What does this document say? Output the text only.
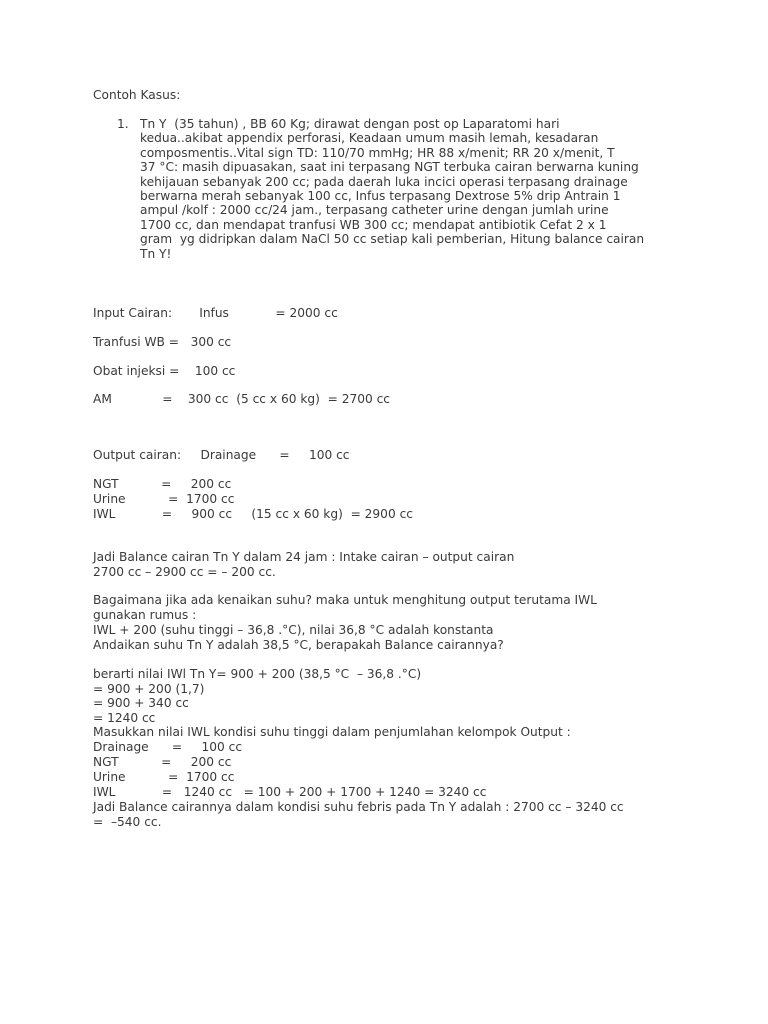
Contoh Kasus:
1. Tn Y  (35 tahun) , BB 60 Kg; dirawat dengan post op Laparatomi hari
kedua..akibat appendix perforasi, Keadaan umum masih lemah, kesadaran
composmentis..Vital sign TD: 110/70 mmHg; HR 88 x/menit; RR 20 x/menit, T
37 °C: masih dipuasakan, saat ini terpasang NGT terbuka cairan berwarna kuning
kehijauan sebanyak 200 cc; pada daerah luka incici operasi terpasang drainage
berwarna merah sebanyak 100 cc, Infus terpasang Dextrose 5% drip Antrain 1
ampul /kolf : 2000 cc/24 jam., terpasang catheter urine dengan jumlah urine
1700 cc, dan mendapat tranfusi WB 300 cc; mendapat antibiotik Cefat 2 x 1
gram  yg didripkan dalam NaCl 50 cc setiap kali pemberian, Hitung balance cairan
Tn Y!
Input Cairan:       Infus            = 2000 cc
Tranfusi WB =   300 cc
Obat injeksi =    100 cc
AM             =    300 cc  (5 cc x 60 kg)  = 2700 cc
Output cairan:     Drainage      =     100 cc
NGT           =     200 cc
Urine           =  1700 cc
IWL            =     900 cc     (15 cc x 60 kg)  = 2900 cc
Jadi Balance cairan Tn Y dalam 24 jam : Intake cairan – output cairan
2700 cc – 2900 cc = – 200 cc.
Bagaimana jika ada kenaikan suhu? maka untuk menghitung output terutama IWL
gunakan rumus :
IWL + 200 (suhu tinggi – 36,8 .°C), nilai 36,8 °C adalah konstanta
Andaikan suhu Tn Y adalah 38,5 °C, berapakah Balance cairannya?
berarti nilai IWl Tn Y= 900 + 200 (38,5 °C  – 36,8 .°C)
= 900 + 200 (1,7)
= 900 + 340 cc
= 1240 cc
Masukkan nilai IWL kondisi suhu tinggi dalam penjumlahan kelompok Output :
Drainage      =     100 cc
NGT           =     200 cc
Urine           =  1700 cc
IWL            =   1240 cc   = 100 + 200 + 1700 + 1240 = 3240 cc
Jadi Balance cairannya dalam kondisi suhu febris pada Tn Y adalah : 2700 cc – 3240 cc
=  –540 cc.
